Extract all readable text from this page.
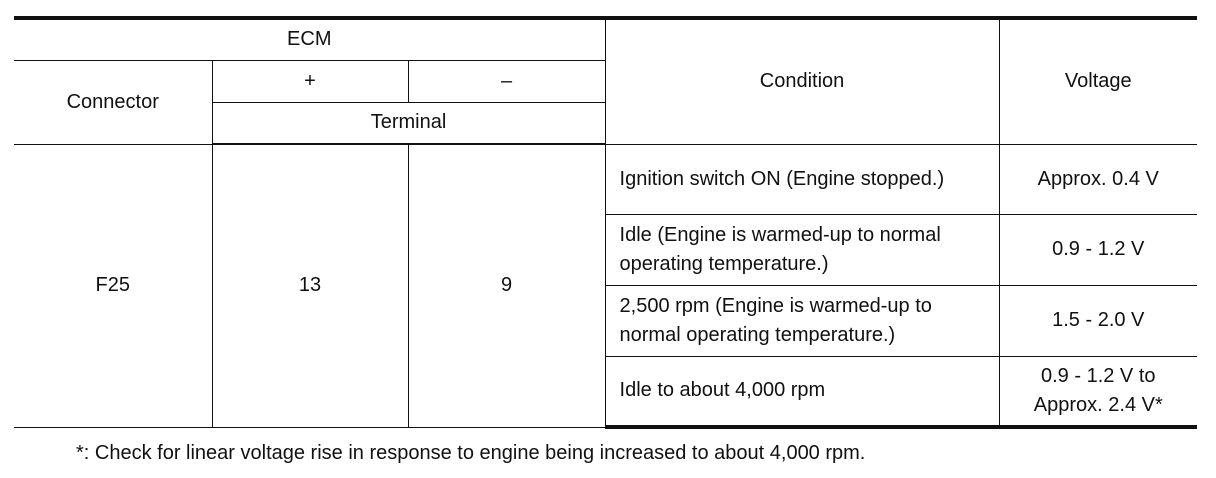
ECM			Condition	Voltage
Connector	+	–		
	Terminal			
F25	13	9	Ignition switch ON (Engine stopped.)	Approx. 0.4 V
			Idle (Engine is warmed-up to normal operating temperature.)	0.9 - 1.2 V
			2,500 rpm (Engine is warmed-up to normal operating temperature.)	1.5 - 2.0 V
			Idle to about 4,000 rpm	0.9 - 1.2 V to Approx. 2.4 V*
*: Check for linear voltage rise in response to engine being increased to about 4,000 rpm.
